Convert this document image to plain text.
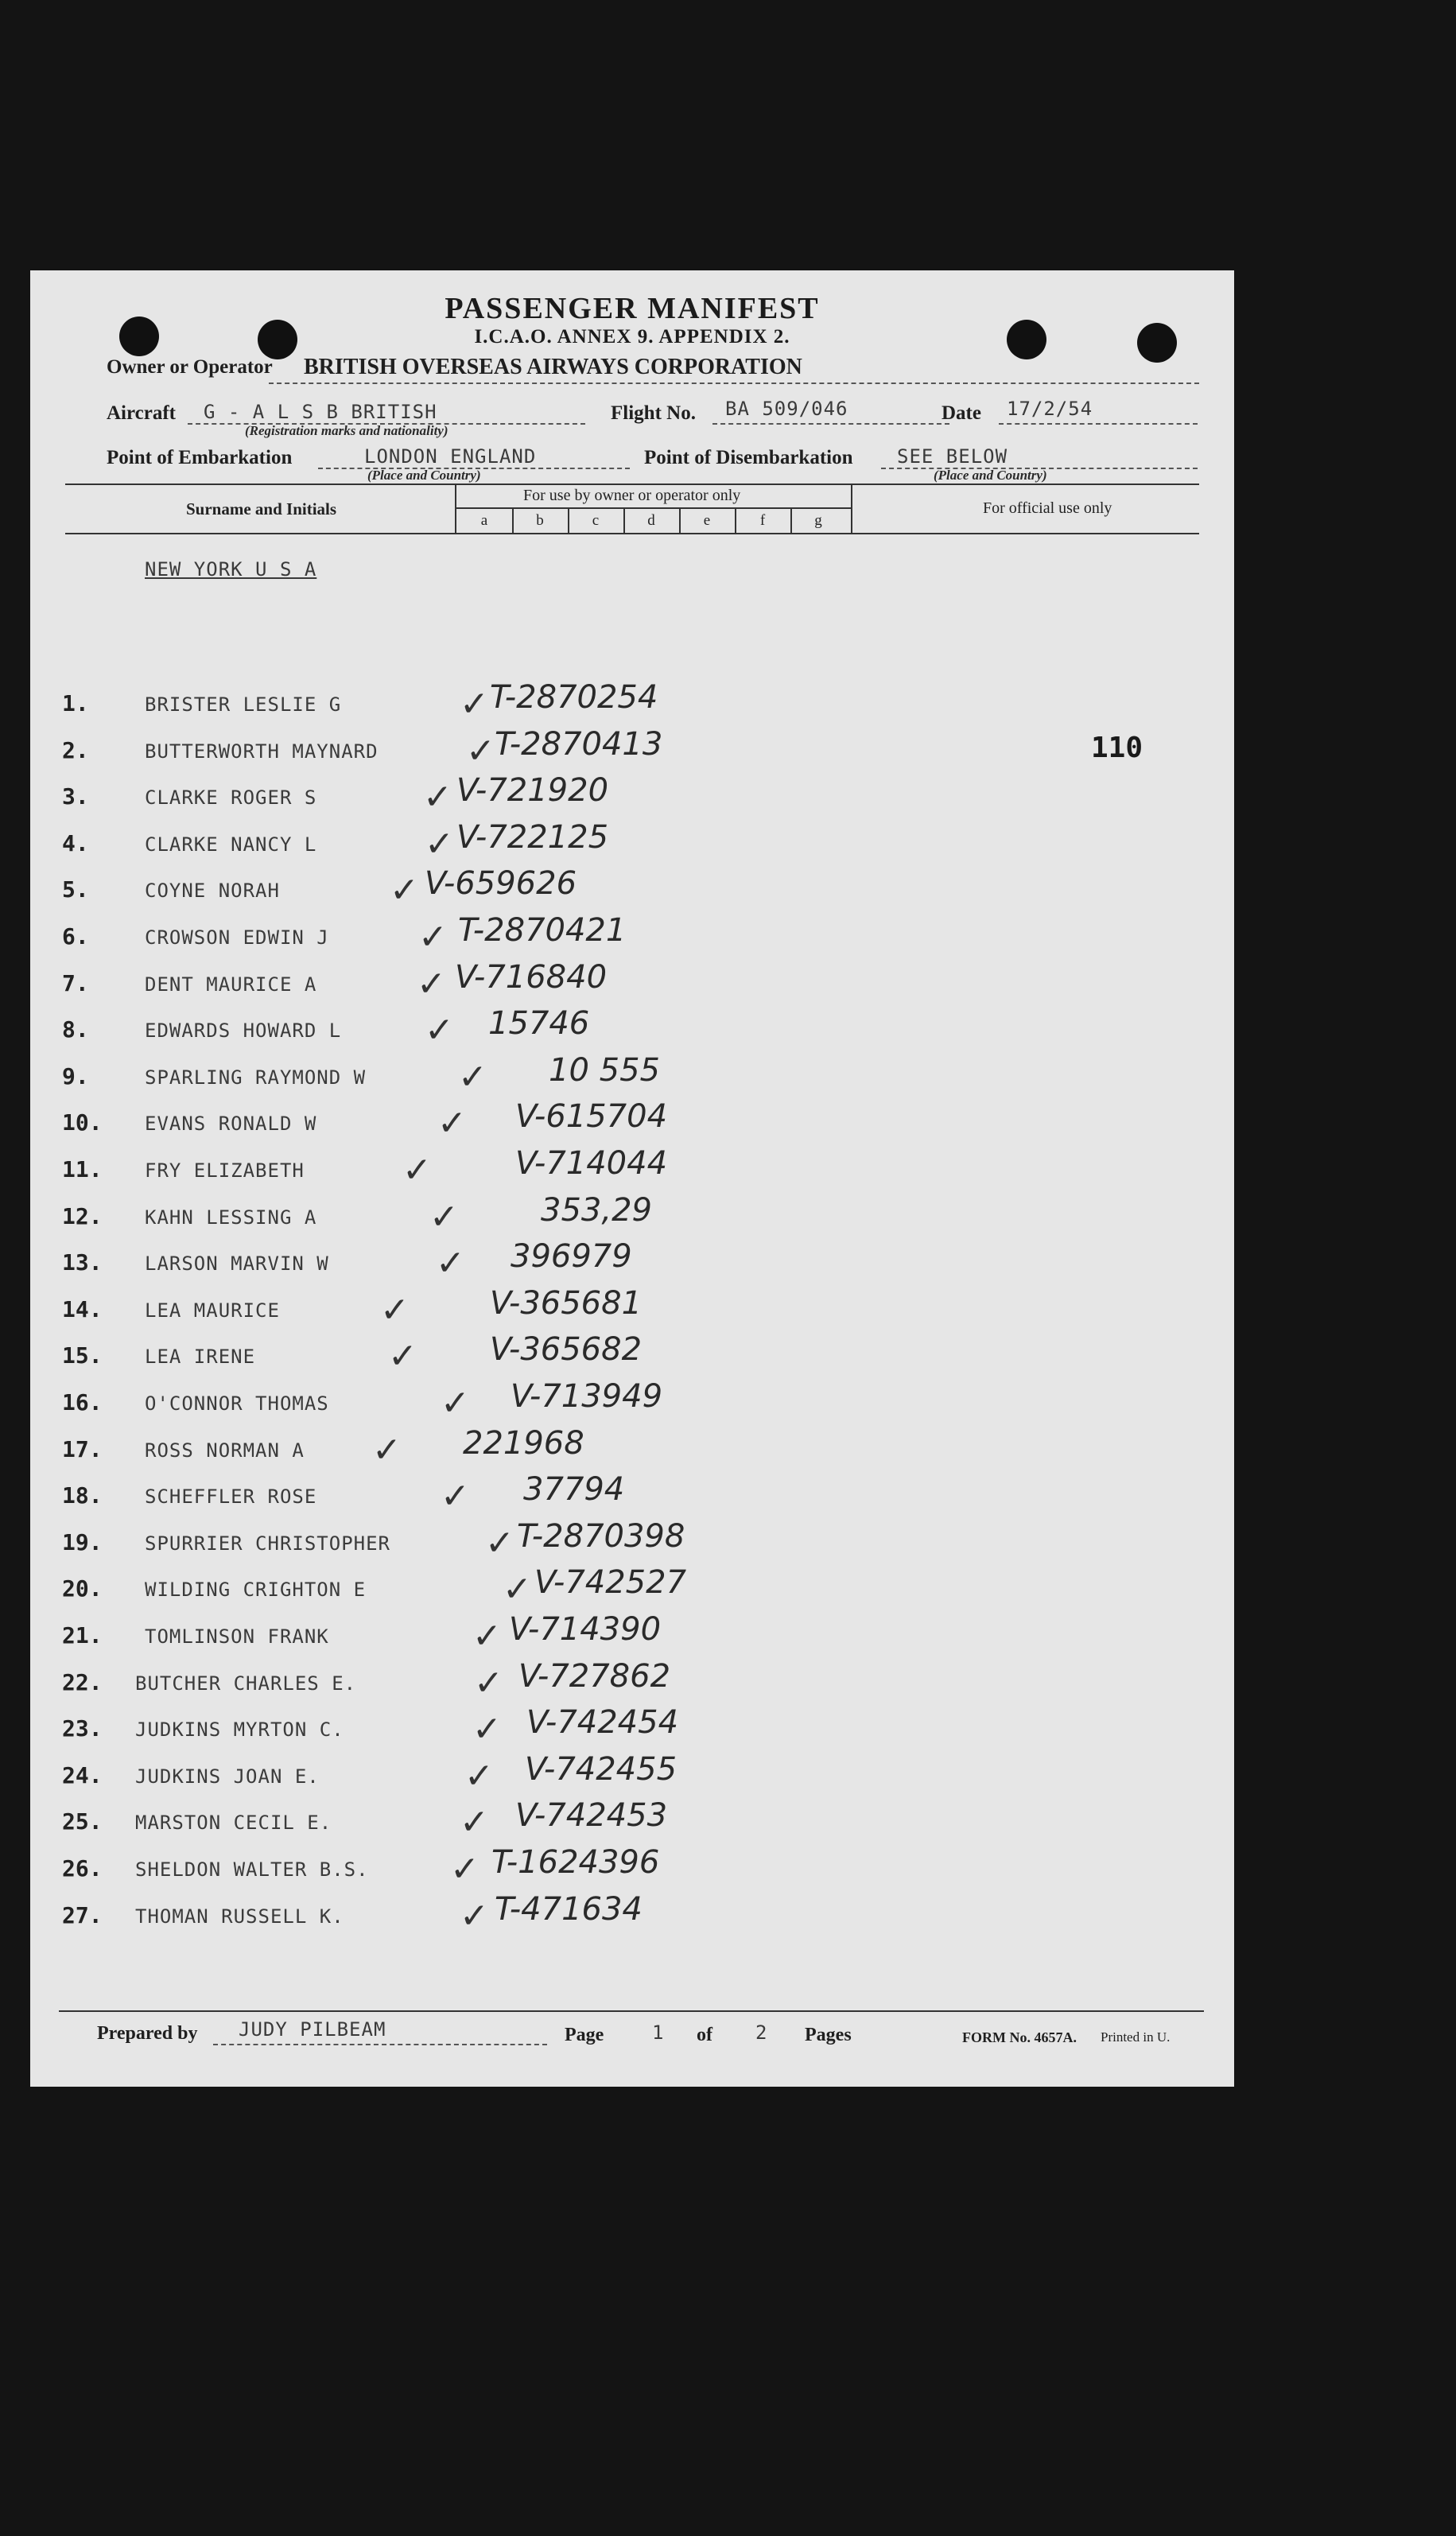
PASSENGER MANIFEST
I.C.A.O. ANNEX 9. APPENDIX 2.
Owner or Operator BRITISH OVERSEAS AIRWAYS CORPORATION
Aircraft G - A L S B BRITISH
(Registration marks and nationality)
Flight No. BA 509/046	Date 17/2/54
Point of Embarkation	LONDON ENGLAND
(Place and Country)
Point of Disembarkation SEE BELOW
(Place and Country)
Surname and Initials
For use by owner or operator only
a	b	c	d	e	f	g
For official use only
NEW YORK U S A
110
1.	BRISTER LESLIE G	✓ T-2870254
2.	BUTTERWORTH MAYNARD	✓ T-2870413
3.	CLARKE ROGER S	✓ V-721920
4.	CLARKE NANCY L	✓ V-722125
5.	COYNE NORAH	✓ V-659626
6.	CROWSON EDWIN J	✓ T-2870421
7.	DENT MAURICE A	✓ V-716840
8.	EDWARDS HOWARD L ✓ 15746
9.	SPARLING RAYMOND W	✓ 10 555
10.	EVANS RONALD W	✓ V-615704
11.	FRY ELIZABETH	✓	V-714044
12.	KAHN LESSING A	✓	353,29
13.	LARSON MARVIN W	✓ 396979
14.	LEA MAURICE	✓	V-365681
15.	LEA IRENE	✓ V-365682
16.	O'CONNOR THOMAS	✓ V-713949
17.	ROSS NORMAN A ✓ 221968
18.	SCHEFFLER ROSE	✓ 37794
19.	SPURRIER CHRISTOPHER	✓ T-2870398
20.	WILDING CRIGHTON E	✓ V-742527
21.	TOMLINSON FRANK	✓ V-714390
22.	BUTCHER CHARLES E.	✓ V-727862
23.	JUDKINS MYRTON C.	✓ V-742454
24.	JUDKINS JOAN E.	✓ V-742455
25.	MARSTON CECIL E.	✓ V-742453
26.	SHELDON WALTER B.S. ✓ T-1624396
27.	THOMAN RUSSELL K.	✓ T-471634
Prepared by JUDY PILBEAM	Page	1 of 2 Pages	FORM No. 4657A. Printed in U.
